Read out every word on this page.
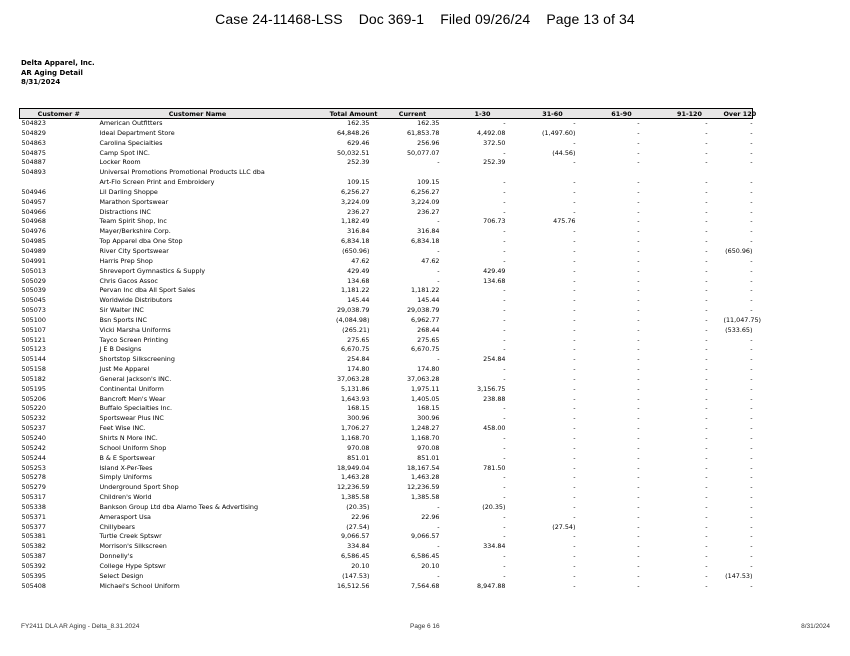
Case 24-11468-LSS Doc 369-1 Filed 09/26/24 Page 13 of 34
Delta Apparel, Inc.
AR Aging Detail
8/31/2024
Customer #	Customer Name	Total Amount	Current	1-30	31-60	61-90	91-120	Over 120
504823	American Outfitters	162.35	162.35	-	-	-	-	-
504829	Ideal Department Store	64,848.26	61,853.78	4,492.08	(1,497.60)	-	-	-
504863	Carolina Specialties	629.46	256.96	372.50	-	-	-	-
504875	Camp Spot INC.	50,032.51	50,077.07	-	(44.56)	-	-	-
504887	Locker Room	252.39	-	252.39	-	-	-	-
504893	Universal Promotions Promotional Products LLC dba							
	Art-Flo Screen Print and Embroidery	109.15	109.15	-	-	-	-	-
504946	Lil Darling Shoppe	6,256.27	6,256.27	-	-	-	-	-
504957	Marathon Sportswear	3,224.09	3,224.09	-	-	-	-	-
504966	Distractions INC	236.27	236.27	-	-	-	-	-
504968	Team Spirit Shop, Inc	1,182.49	-	706.73	475.76	-	-	-
504976	Mayer/Berkshire Corp.	316.84	316.84	-	-	-	-	-
504985	Top Apparel dba One Stop	6,834.18	6,834.18	-	-	-	-	-
504989	River City Sportswear	(650.96)	-	-	-	-	-	(650.96)
504991	Harris Prep Shop	47.62	47.62	-	-	-	-	-
505013	Shreveport Gymnastics & Supply	429.49	-	429.49	-	-	-	-
505029	Chris Gacos Assoc	134.68	-	134.68	-	-	-	-
505039	Pervan Inc dba All Sport Sales	1,181.22	1,181.22	-	-	-	-	-
505045	Worldwide Distributors	145.44	145.44	-	-	-	-	-
505073	Sir Walter INC	29,038.79	29,038.79	-	-	-	-	-
505100	Bsn Sports INC	(4,084.98)	6,962.77	-	-	-	-	(11,047.75)
505107	Vicki Marsha Uniforms	(265.21)	268.44	-	-	-	-	(533.65)
505121	Tayco Screen Printing	275.65	275.65	-	-	-	-	-
505123	J E B Designs	6,670.75	6,670.75	-	-	-	-	-
505144	Shortstop Silkscreening	254.84	-	254.84	-	-	-	-
505158	Just Me Apparel	174.80	174.80	-	-	-	-	-
505182	General Jackson's INC.	37,063.28	37,063.28	-	-	-	-	-
505195	Continental Uniform	5,131.86	1,975.11	3,156.75	-	-	-	-
505206	Bancroft Men's Wear	1,643.93	1,405.05	238.88	-	-	-	-
505220	Buffalo Specialties Inc.	168.15	168.15	-	-	-	-	-
505232	Sportswear Plus INC	300.96	300.96	-	-	-	-	-
505237	Feet Wise INC.	1,706.27	1,248.27	458.00	-	-	-	-
505240	Shirts N More INC.	1,168.70	1,168.70	-	-	-	-	-
505242	School Uniform Shop	970.08	970.08	-	-	-	-	-
505244	B & E Sportswear	851.01	851.01	-	-	-	-	-
505253	Island X-Per-Tees	18,949.04	18,167.54	781.50	-	-	-	-
505278	Simply Uniforms	1,463.28	1,463.28	-	-	-	-	-
505279	Underground Sport Shop	12,236.59	12,236.59	-	-	-	-	-
505317	Children's World	1,385.58	1,385.58	-	-	-	-	-
505338	Bankson Group Ltd dba Alamo Tees & Advertising	(20.35)	-	(20.35)	-	-	-	-
505371	Amerasport Usa	22.96	22.96	-	-	-	-	-
505377	Chillybears	(27.54)	-	-	(27.54)	-	-	-
505381	Turtle Creek Sptswr	9,066.57	9,066.57	-	-	-	-	-
505382	Morrison's Silkscreen	334.84	-	334.84	-	-	-	-
505387	Donnelly's	6,586.45	6,586.45	-	-	-	-	-
505392	College Hype Sptswr	20.10	20.10	-	-	-	-	-
505395	Select Design	(147.53)	-	-	-	-	-	(147.53)
505408	Michael's School Uniform	16,512.56	7,564.68	8,947.88	-	-	-	-
FY2411 DLA AR Aging - Delta_8.31.2024	Page 6 16	8/31/2024
